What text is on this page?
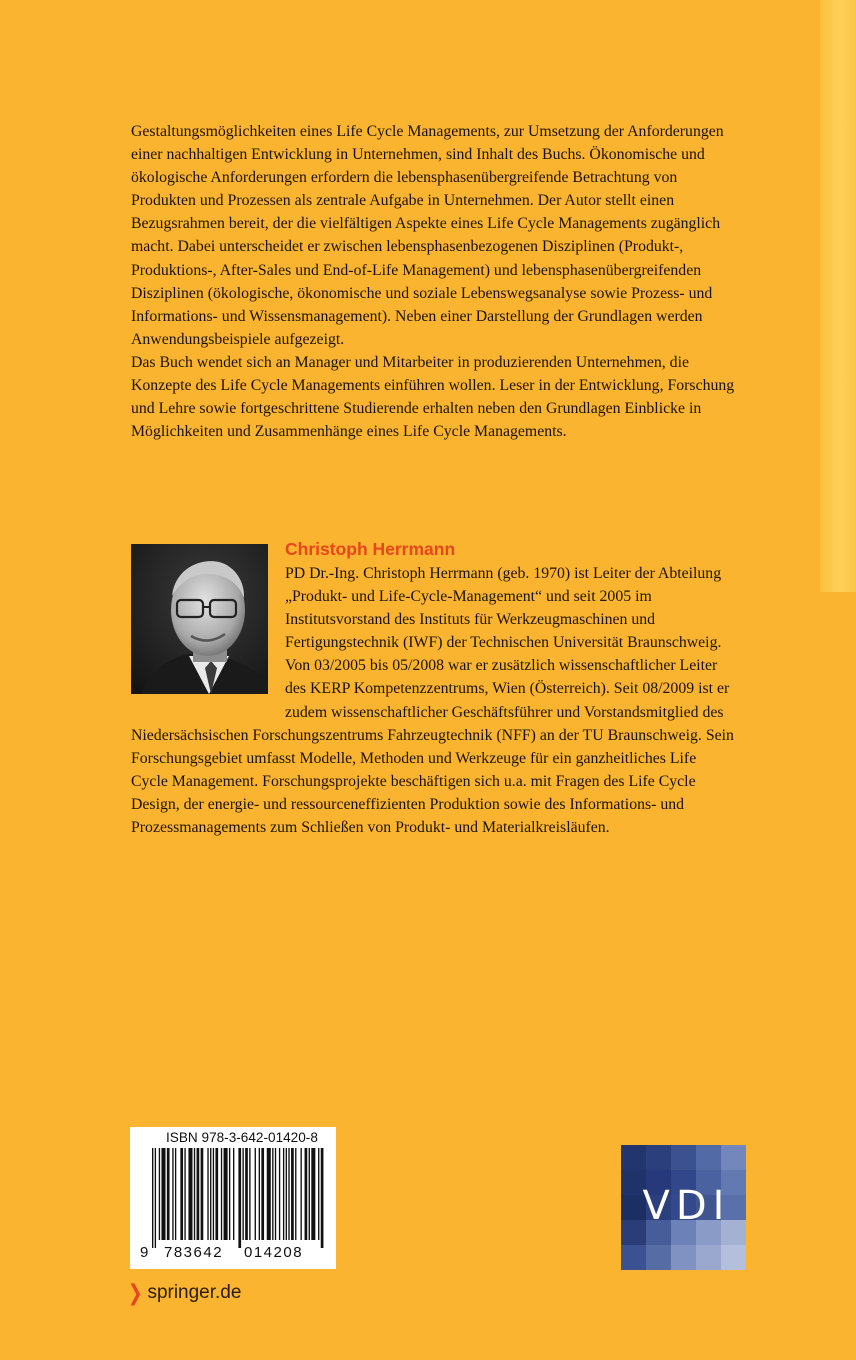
Gestaltungsmöglichkeiten eines Life Cycle Managements, zur Umsetzung der Anforderungen einer nachhaltigen Entwicklung in Unternehmen, sind Inhalt des Buchs. Ökonomische und ökologische Anforderungen erfordern die lebensphasenübergreifende Betrachtung von Produkten und Prozessen als zentrale Aufgabe in Unternehmen. Der Autor stellt einen Bezugsrahmen bereit, der die vielfältigen Aspekte eines Life Cycle Managements zugänglich macht. Dabei unterscheidet er zwischen lebensphasenbezogenen Disziplinen (Produkt-, Produktions-, After-Sales und End-of-Life Management) und lebensphasenübergreifenden Disziplinen (ökologische, ökonomische und soziale Lebenswegsanalyse sowie Prozess- und Informations- und Wissensmanagement). Neben einer Darstellung der Grundlagen werden Anwendungsbeispiele aufgezeigt.

Das Buch wendet sich an Manager und Mitarbeiter in produzierenden Unternehmen, die Konzepte des Life Cycle Managements einführen wollen. Leser in der Entwicklung, Forschung und Lehre sowie fortgeschrittene Studierende erhalten neben den Grundlagen Einblicke in Möglichkeiten und Zusammenhänge eines Life Cycle Managements.

Christoph Herrmann

PD Dr.-Ing. Christoph Herrmann (geb. 1970) ist Leiter der Abteilung „Produkt- und Life-Cycle-Management“ und seit 2005 im Institutsvorstand des Instituts für Werkzeugmaschinen und Fertigungstechnik (IWF) der Technischen Universität Braunschweig. Von 03/2005 bis 05/2008 war er zusätzlich wissenschaftlicher Leiter des KERP Kompetenzzentrums, Wien (Österreich). Seit 08/2009 ist er zudem wissenschaftlicher Geschäftsführer und Vorstandsmitglied des Niedersächsischen Forschungszentrums Fahrzeugtechnik (NFF) an der TU Braunschweig. Sein Forschungsgebiet umfasst Modelle, Methoden und Werkzeuge für ein ganzheitliches Life Cycle Management. Forschungsprojekte beschäftigen sich u.a. mit Fragen des Life Cycle Design, der energie- und ressourceneffizienten Produktion sowie des Informations- und Prozessmanagements zum Schließen von Produkt- und Materialkreisläufen.

ISBN 978-3-642-01420-8
9 783642 014208
❯ springer.de
VDI
